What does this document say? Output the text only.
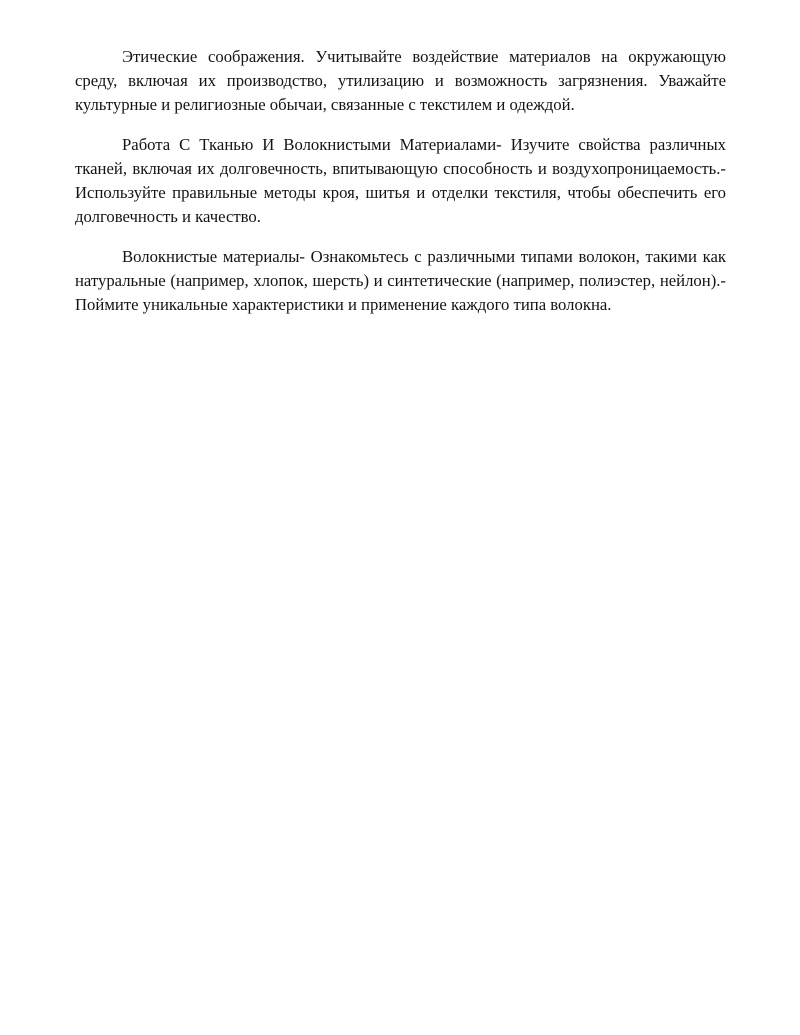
Этические соображения. Учитывайте воздействие материалов на окружающую среду, включая их производство, утилизацию и возможность загрязнения. Уважайте культурные и религиозные обычаи, связанные с текстилем и одеждой.

Работа С Тканью И Волокнистыми Материалами- Изучите свойства различных тканей, включая их долговечность, впитывающую способность и воздухопроницаемость.- Используйте правильные методы кроя, шитья и отделки текстиля, чтобы обеспечить его долговечность и качество.

Волокнистые материалы- Ознакомьтесь с различными типами волокон, такими как натуральные (например, хлопок, шерсть) и синтетические (например, полиэстер, нейлон).- Поймите уникальные характеристики и применение каждого типа волокна.
